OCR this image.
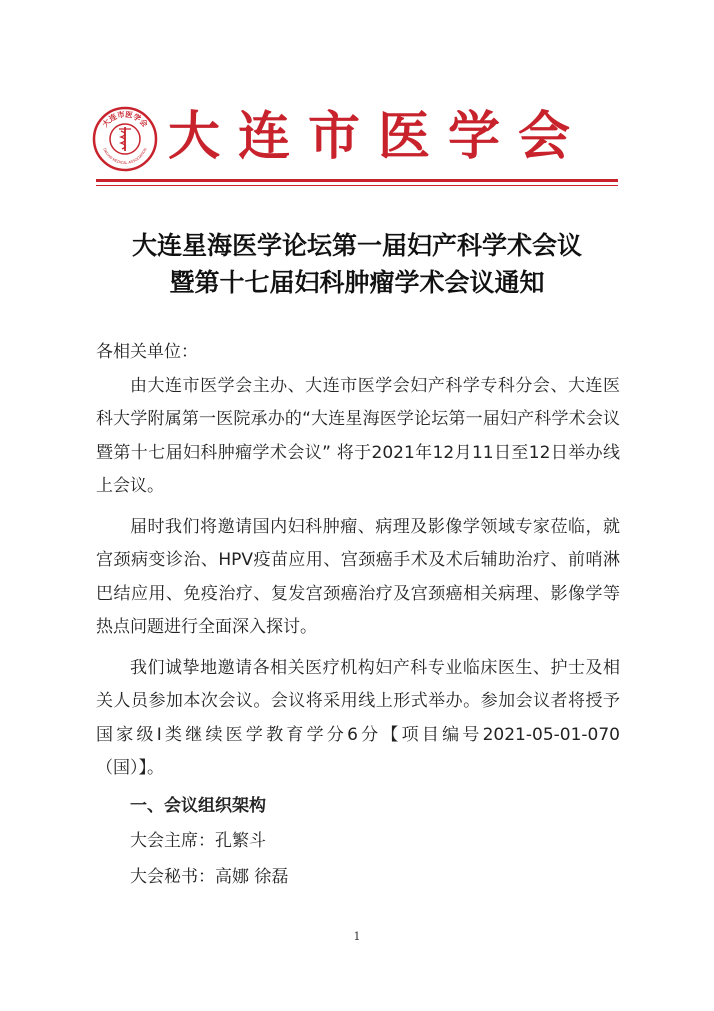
大连市医学会
DALIAN MEDICAL ASSOCIATION 大连市医学会
大连星海医学论坛第一届妇产科学术会议
暨第十七届妇科肿瘤学术会议通知

各相关单位：

由大连市医学会主办、大连市医学会妇产科学专科分会、大连医科大学附属第一医院承办的“大连星海医学论坛第一届妇产科学术会议暨第十七届妇科肿瘤学术会议” 将于2021年12月11日至12日举办线上会议。

届时我们将邀请国内妇科肿瘤、病理及影像学领域专家莅临，就宫颈病变诊治、HPV疫苗应用、宫颈癌手术及术后辅助治疗、前哨淋巴结应用、免疫治疗、复发宫颈癌治疗及宫颈癌相关病理、影像学等热点问题进行全面深入探讨。

我们诚挚地邀请各相关医疗机构妇产科专业临床医生、护士及相关人员参加本次会议。会议将采用线上形式举办。参加会议者将授予国家级Ⅰ类继续医学教育学分6分【项目编号2021-05-01-070（国）】。

一、会议组织架构

大会主席：孔繁斗

大会秘书：高娜 徐磊

1
